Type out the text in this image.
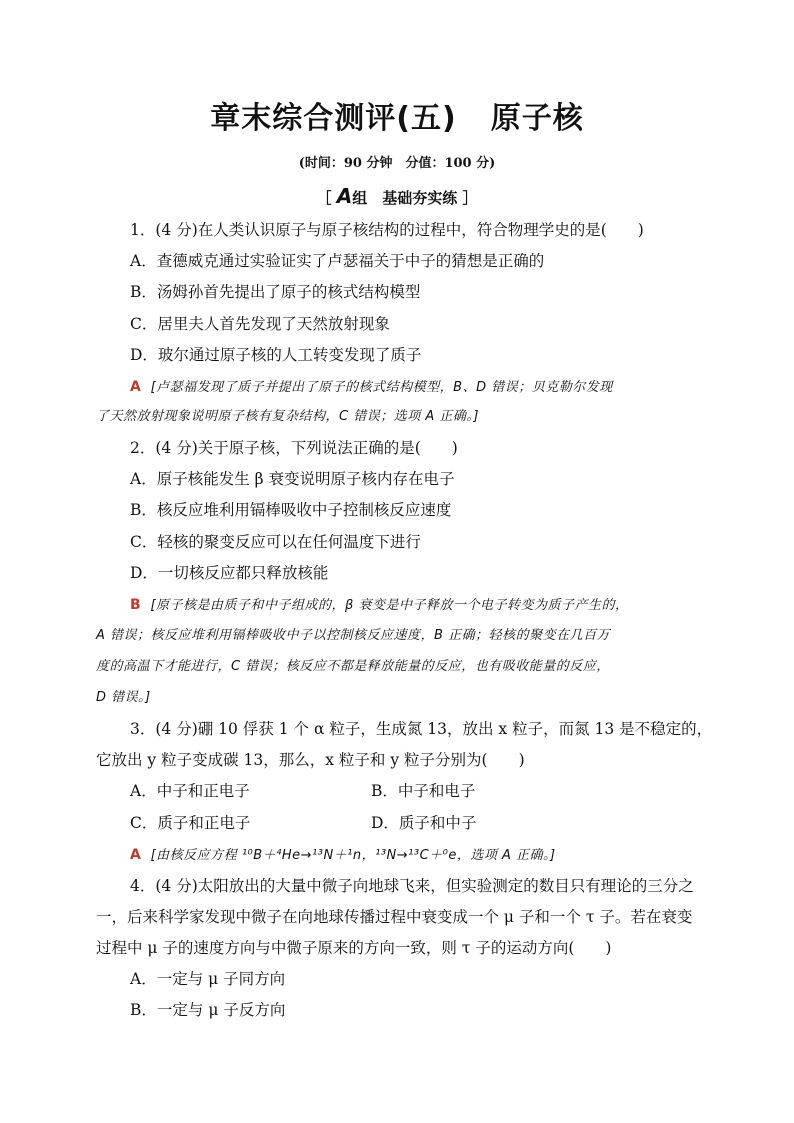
章末综合测评(五) 原子核
(时间：90 分钟　分值：100 分)
［ A组　基础夯实练 ］
1．(4 分)在人类认识原子与原子核结构的过程中，符合物理学史的是(　　)
A．查德威克通过实验证实了卢瑟福关于中子的猜想是正确的
B．汤姆孙首先提出了原子的核式结构模型
C．居里夫人首先发现了天然放射现象
D．玻尔通过原子核的人工转变发现了质子
A [卢瑟福发现了质子并提出了原子的核式结构模型，B、D 错误；贝克勒尔发现
了天然放射现象说明原子核有复杂结构，C 错误；选项 A 正确。]
2．(4 分)关于原子核，下列说法正确的是(　　)
A．原子核能发生 β 衰变说明原子核内存在电子
B．核反应堆利用镉棒吸收中子控制核反应速度
C．轻核的聚变反应可以在任何温度下进行
D．一切核反应都只释放核能
B [原子核是由质子和中子组成的，β 衰变是中子释放一个电子转变为质子产生的，
A 错误；核反应堆利用镉棒吸收中子以控制核反应速度，B 正确；轻核的聚变在几百万
度的高温下才能进行，C 错误；核反应不都是释放能量的反应，也有吸收能量的反应，
D 错误。]
3．(4 分)硼 10 俘获 1 个 α 粒子，生成氮 13，放出 x 粒子，而氮 13 是不稳定的，
它放出 y 粒子变成碳 13，那么，x 粒子和 y 粒子分别为(　　)
A．中子和正电子	B．中子和电子
C．质子和正电子	D．质子和中子
A [由核反应方程 ¹⁰B＋⁴He→¹³N＋¹n，¹³N→¹³C＋⁰e，选项 A 正确。]
4．(4 分)太阳放出的大量中微子向地球飞来，但实验测定的数目只有理论的三分之
一，后来科学家发现中微子在向地球传播过程中衰变成一个 μ 子和一个 τ 子。若在衰变
过程中 μ 子的速度方向与中微子原来的方向一致，则 τ 子的运动方向(　　)
A．一定与 μ 子同方向
B．一定与 μ 子反方向
